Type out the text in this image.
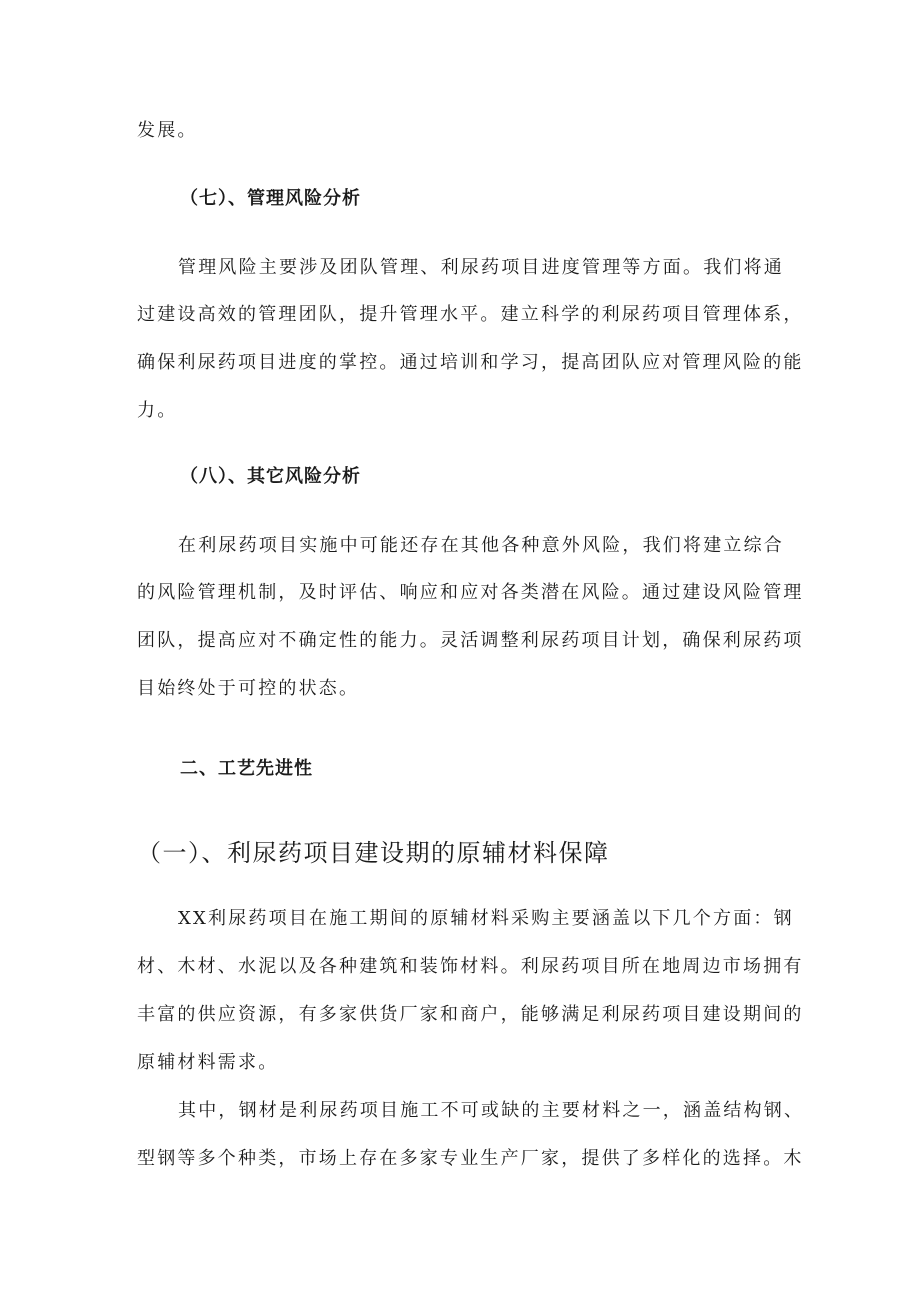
发展。
（七）、管理风险分析
管理风险主要涉及团队管理、利尿药项目进度管理等方面。我们将通
过建设高效的管理团队，提升管理水平。建立科学的利尿药项目管理体系，
确保利尿药项目进度的掌控。通过培训和学习，提高团队应对管理风险的能
力。
（八）、其它风险分析
在利尿药项目实施中可能还存在其他各种意外风险，我们将建立综合
的风险管理机制，及时评估、响应和应对各类潜在风险。通过建设风险管理
团队，提高应对不确定性的能力。灵活调整利尿药项目计划，确保利尿药项
目始终处于可控的状态。
二、工艺先进性
（一）、利尿药项目建设期的原辅材料保障
XX利尿药项目在施工期间的原辅材料采购主要涵盖以下几个方面：钢
材、木材、水泥以及各种建筑和装饰材料。利尿药项目所在地周边市场拥有
丰富的供应资源，有多家供货厂家和商户，能够满足利尿药项目建设期间的
原辅材料需求。
其中，钢材是利尿药项目施工不可或缺的主要材料之一，涵盖结构钢、
型钢等多个种类，市场上存在多家专业生产厂家，提供了多样化的选择。木
